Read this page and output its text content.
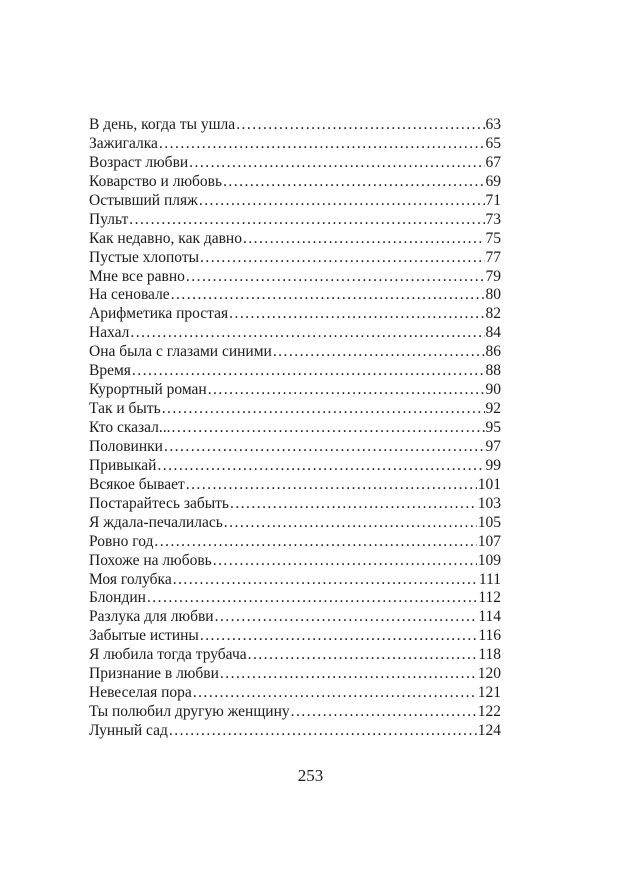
В день, когда ты ушла . . .	63
Зажигалка . . .	65
Возраст любви . . .	67
Коварство и любовь . . .	69
Остывший пляж . . .	71
Пульт . . .	73
Как недавно, как давно . . .	75
Пустые хлопоты . . .	77
Мне все равно . . .	79
На сеновале . . .	80
Арифметика простая . . .	82
Нахал . . .	84
Она была с глазами синими . . .	86
Время . . .	88
Курортный роман . . .	90
Так и быть . . .	92
Кто сказал... . . .	95
Половинки . . .	97
Привыкай . . .	99
Всякое бывает . . .	101
Постарайтесь забыть . . .	103
Я ждала-печалилась . . .	105
Ровно год . . .	107
Похоже на любовь . . .	109
Моя голубка . . .	111
Блондин . . .	112
Разлука для любви . . .	114
Забытые истины . . .	116
Я любила тогда трубача . . .	118
Признание в любви . . .	120
Невеселая пора . . .	121
Ты полюбил другую женщину . . .	122
Лунный сад . . .	124
253
